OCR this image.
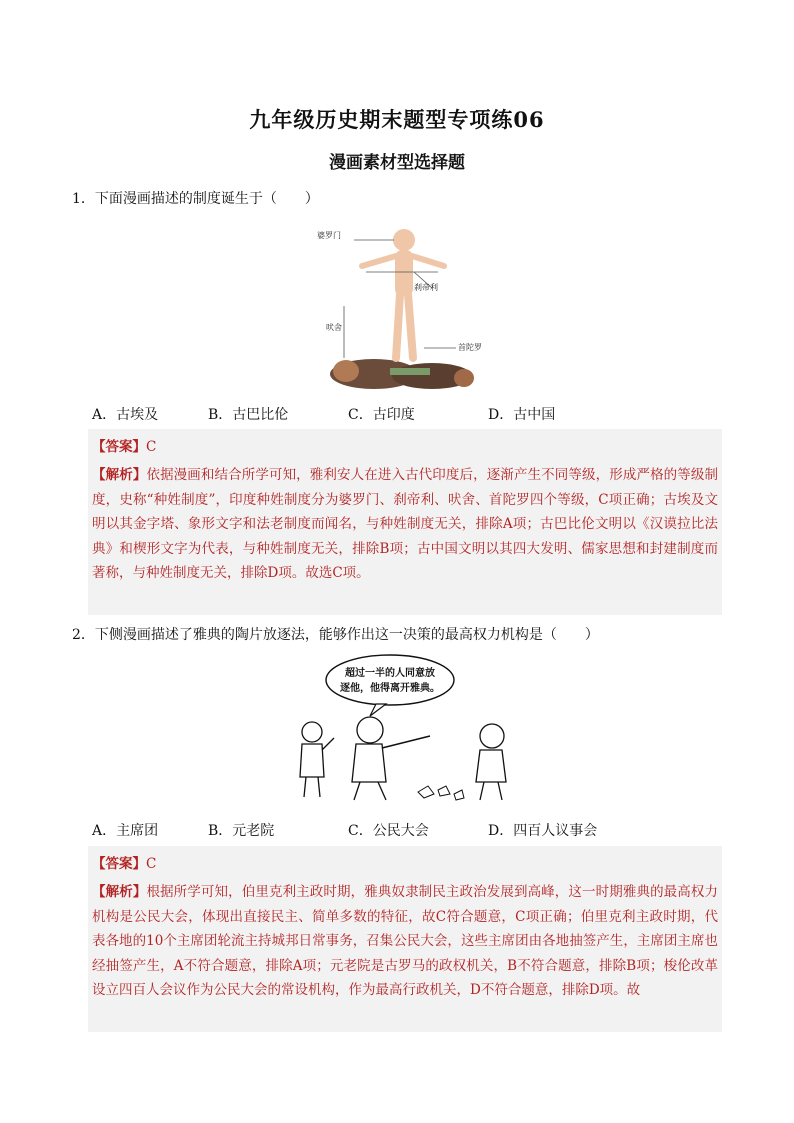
九年级历史期末题型专项练06
漫画素材型选择题
1．下面漫画描述的制度诞生于（　　）
婆罗门
刹帝利
吠舍
首陀罗
A．古埃及	B．古巴比伦	C．古印度	D．古中国
【答案】C
【解析】依据漫画和结合所学可知，雅利安人在进入古代印度后，逐渐产生不同等级，形成严格的等级制度，史称“种姓制度”，印度种姓制度分为婆罗门、刹帝利、吠舍、首陀罗四个等级，C项正确；古埃及文明以其金字塔、象形文字和法老制度而闻名，与种姓制度无关，排除A项；古巴比伦文明以《汉谟拉比法典》和楔形文字为代表，与种姓制度无关，排除B项；古中国文明以其四大发明、儒家思想和封建制度而著称，与种姓制度无关，排除D项。故选C项。
2．下侧漫画描述了雅典的陶片放逐法，能够作出这一决策的最高权力机构是（　　）
超过一半的人同意放
逐他，他得离开雅典。
A．主席团	B．元老院	C．公民大会	D．四百人议事会
【答案】C
【解析】根据所学可知，伯里克利主政时期，雅典奴隶制民主政治发展到高峰，这一时期雅典的最高权力机构是公民大会，体现出直接民主、简单多数的特征，故C符合题意，C项正确；伯里克利主政时期，代表各地的10个主席团轮流主持城邦日常事务，召集公民大会，这些主席团由各地抽签产生，主席团主席也经抽签产生，A不符合题意，排除A项；元老院是古罗马的政权机关，B不符合题意，排除B项；梭伦改革设立四百人会议作为公民大会的常设机构，作为最高行政机关，D不符合题意，排除D项。故
